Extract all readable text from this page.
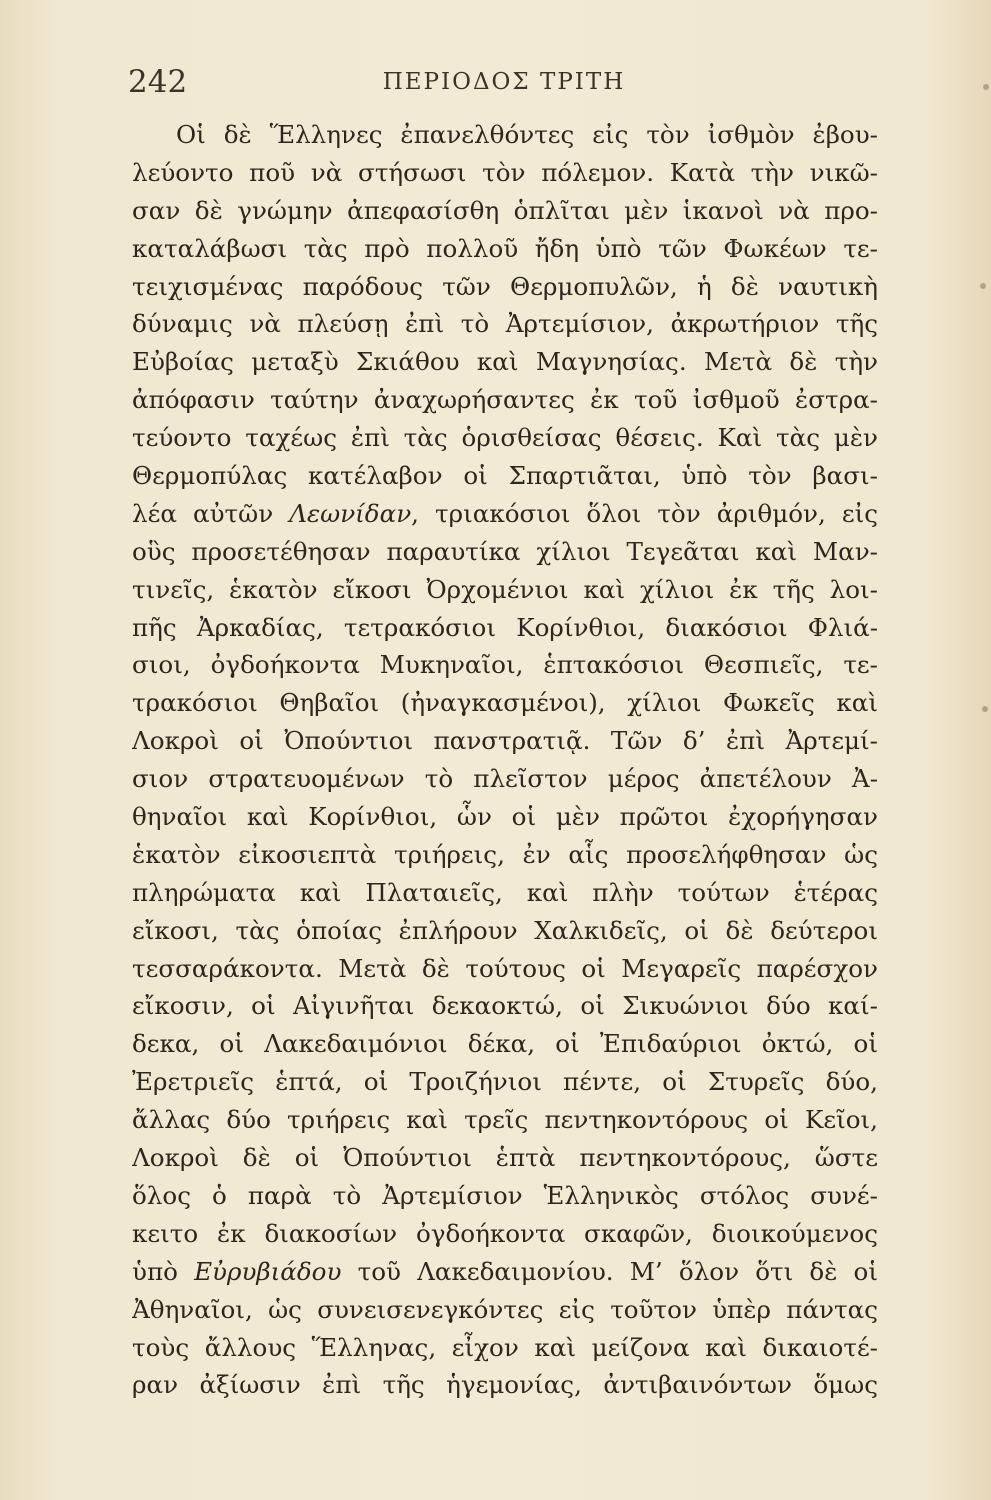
242	ΠΕΡΙΟΔΟΣ ΤΡΙΤΗ
Οἱ δὲ Ἕλληνες ἐπανελθόντες εἰς τὸν ἰσθμὸν ἐβου-
λεύοντο ποῦ νὰ στήσωσι τὸν πόλεμον. Κατὰ τὴν νικῶ-
σαν δὲ γνώμην ἀπεφασίσθη ὁπλῖται μὲν ἱκανοὶ νὰ προ-
καταλάβωσι τὰς πρὸ πολλοῦ ἤδη ὑπὸ τῶν Φωκέων τε-
τειχισμένας παρόδους τῶν Θερμοπυλῶν, ἡ δὲ ναυτικὴ
δύναμις νὰ πλεύσῃ ἐπὶ τὸ Ἀρτεμίσιον, ἀκρωτήριον τῆς
Εὐβοίας μεταξὺ Σκιάθου καὶ Μαγνησίας. Μετὰ δὲ τὴν
ἀπόφασιν ταύτην ἀναχωρήσαντες ἐκ τοῦ ἰσθμοῦ ἐστρα-
τεύοντο ταχέως ἐπὶ τὰς ὁρισθείσας θέσεις. Καὶ τὰς μὲν
Θερμοπύλας κατέλαβον οἱ Σπαρτιᾶται, ὑπὸ τὸν βασι-
λέα αὐτῶν Λεωνίδαν, τριακόσιοι ὅλοι τὸν ἀριθμόν, εἰς
οὓς προσετέθησαν παραυτίκα χίλιοι Τεγεᾶται καὶ Μαν-
τινεῖς, ἑκατὸν εἴκοσι Ὀρχομένιοι καὶ χίλιοι ἐκ τῆς λοι-
πῆς Ἀρκαδίας, τετρακόσιοι Κορίνθιοι, διακόσιοι Φλιά-
σιοι, ὀγδοήκοντα Μυκηναῖοι, ἑπτακόσιοι Θεσπιεῖς, τε-
τρακόσιοι Θηβαῖοι (ἠναγκασμένοι), χίλιοι Φωκεῖς καὶ
Λοκροὶ οἱ Ὀπούντιοι πανστρατιᾷ. Τῶν δ’ ἐπὶ Ἀρτεμί-
σιον στρατευομένων τὸ πλεῖστον μέρος ἀπετέλουν Ἀ-
θηναῖοι καὶ Κορίνθιοι, ὧν οἱ μὲν πρῶτοι ἐχορήγησαν
ἑκατὸν εἰκοσιεπτὰ τριήρεις, ἐν αἷς προσελήφθησαν ὡς
πληρώματα καὶ Πλαταιεῖς, καὶ πλὴν τούτων ἑτέρας
εἴκοσι, τὰς ὁποίας ἐπλήρουν Χαλκιδεῖς, οἱ δὲ δεύτεροι
τεσσαράκοντα. Μετὰ δὲ τούτους οἱ Μεγαρεῖς παρέσχον
εἴκοσιν, οἱ Αἰγινῆται δεκαοκτώ, οἱ Σικυώνιοι δύο καί-
δεκα, οἱ Λακεδαιμόνιοι δέκα, οἱ Ἐπιδαύριοι ὀκτώ, οἱ
Ἐρετριεῖς ἑπτά, οἱ Τροιζήνιοι πέντε, οἱ Στυρεῖς δύο,
ἄλλας δύο τριήρεις καὶ τρεῖς πεντηκοντόρους οἱ Κεῖοι,
Λοκροὶ δὲ οἱ Ὀπούντιοι ἑπτὰ πεντηκοντόρους, ὥστε
ὅλος ὁ παρὰ τὸ Ἀρτεμίσιον Ἑλληνικὸς στόλος συνέ-
κειτο ἐκ διακοσίων ὀγδοήκοντα σκαφῶν, διοικούμενος
ὑπὸ Εὐρυβιάδου τοῦ Λακεδαιμονίου. Μ’ ὅλον ὅτι δὲ οἱ
Ἀθηναῖοι, ὡς συνεισενεγκόντες εἰς τοῦτον ὑπὲρ πάντας
τοὺς ἄλλους Ἕλληνας, εἶχον καὶ μείζονα καὶ δικαιοτέ-
ραν ἀξίωσιν ἐπὶ τῆς ἡγεμονίας, ἀντιβαινόντων ὅμως
